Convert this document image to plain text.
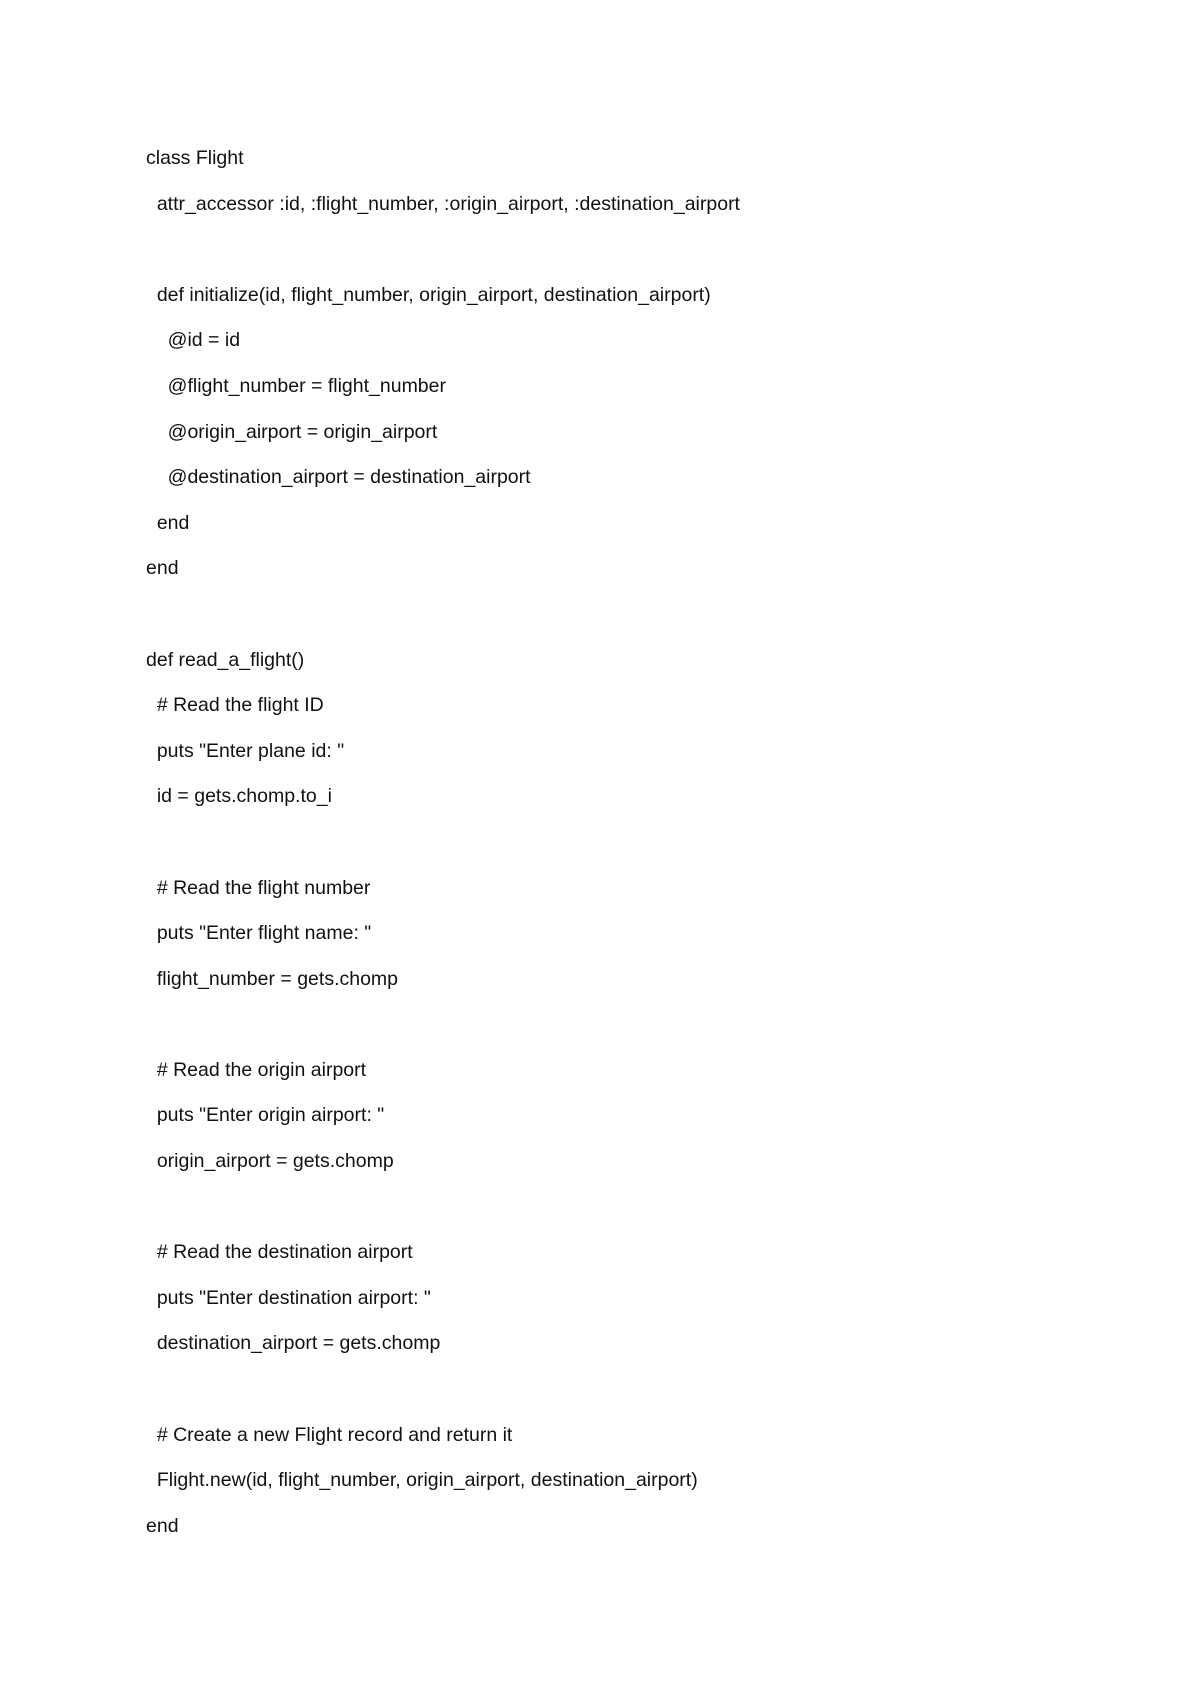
class Flight
attr_accessor :id, :flight_number, :origin_airport, :destination_airport
def initialize(id, flight_number, origin_airport, destination_airport)
@id = id
@flight_number = flight_number
@origin_airport = origin_airport
@destination_airport = destination_airport
end
end
def read_a_flight()
# Read the flight ID
puts "Enter plane id: "
id = gets.chomp.to_i
# Read the flight number
puts "Enter flight name: "
flight_number = gets.chomp
# Read the origin airport
puts "Enter origin airport: "
origin_airport = gets.chomp
# Read the destination airport
puts "Enter destination airport: "
destination_airport = gets.chomp
# Create a new Flight record and return it
Flight.new(id, flight_number, origin_airport, destination_airport)
end
